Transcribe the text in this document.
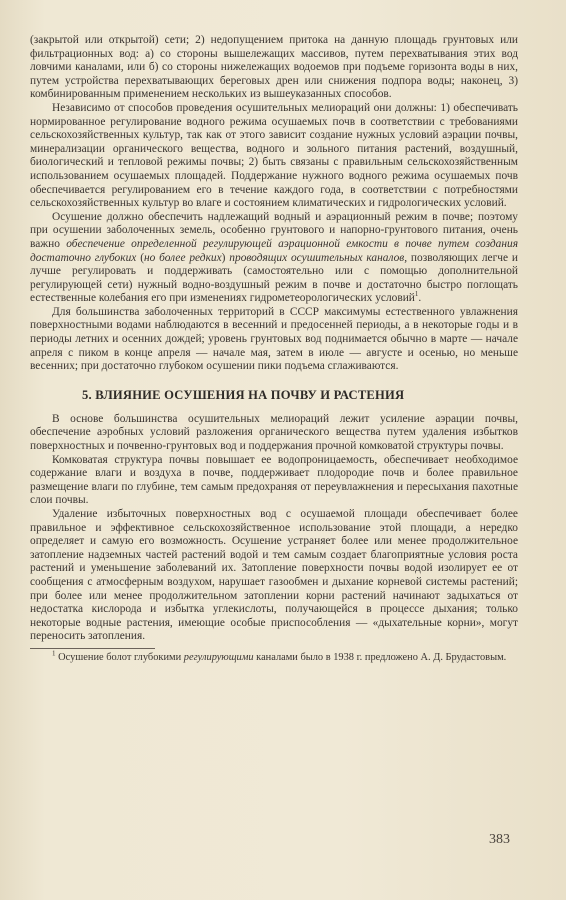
(закрытой или открытой) сети; 2) недопущением притока на данную площадь грунтовых или фильтрационных вод: а) со стороны вышележащих массивов, путем перехватывания этих вод ловчими каналами, или б) со стороны нижележащих водоемов при подъеме горизонта воды в них, путем устройства перехватывающих береговых дрен или снижения подпора воды; наконец, 3) комбинированным применением нескольких из вышеуказанных способов.

Независимо от способов проведения осушительных мелиораций они должны: 1) обеспечивать нормированное регулирование водного режима осушаемых почв в соответствии с требованиями сельскохозяйственных культур, так как от этого зависит создание нужных условий аэрации почвы, минерализации органического вещества, водного и зольного питания растений, воздушный, биологический и тепловой режимы почвы; 2) быть связаны с правильным сельскохозяйственным использованием осушаемых площадей. Поддержание нужного водного режима осушаемых почв обеспечивается регулированием его в течение каждого года, в соответствии с потребностями сельскохозяйственных культур во влаге и состоянием климатических и гидрологических условий.

Осушение должно обеспечить надлежащий водный и аэрационный режим в почве; поэтому при осушении заболоченных земель, особенно грунтового и напорно-грунтового питания, очень важно обеспечение определенной регулирующей аэрационной емкости в почве путем создания достаточно глубоких (но более редких) проводящих осушительных каналов, позволяющих легче и лучше регулировать и поддерживать (самостоятельно или с помощью дополнительной регулирующей сети) нужный водно-воздушный режим в почве и достаточно быстро поглощать естественные колебания его при изменениях гидрометеорологических условий$^1$.

Для большинства заболоченных территорий в СССР максимумы естественного увлажнения поверхностными водами наблюдаются в весенний и предосенней периоды, а в некоторые годы и в периоды летних и осенних дождей; уровень грунтовых вод поднимается обычно в марте — начале апреля с пиком в конце апреля — начале мая, затем в июле — августе и осенью, но меньше весенних; при достаточно глубоком осушении пики подъема сглаживаются.

5. ВЛИЯНИЕ ОСУШЕНИЯ НА ПОЧВУ И РАСТЕНИЯ

В основе большинства осушительных мелиораций лежит усиление аэрации почвы, обеспечение аэробных условий разложения органического вещества путем удаления избытков поверхностных и почвенно-грунтовых вод и поддержания прочной комковатой структуры почвы.

Комковатая структура почвы повышает ее водопроницаемость, обеспечивает необходимое содержание влаги и воздуха в почве, поддерживает плодородие почв и более правильное размещение влаги по глубине, тем самым предохраняя от переувлажнения и пересыхания пахотные слои почвы.

Удаление избыточных поверхностных вод с осушаемой площади обеспечивает более правильное и эффективное сельскохозяйственное использование этой площади, а нередко определяет и самую его возможность. Осушение устраняет более или менее продолжительное затопление надземных частей растений водой и тем самым создает благоприятные условия роста растений и уменьшение заболеваний их. Затопление поверхности почвы водой изолирует ее от сообщения с атмосферным воздухом, нарушает газообмен и дыхание корневой системы растений; при более или менее продолжительном затоплении корни растений начинают задыхаться от недостатка кислорода и избытка углекислоты, получающейся в процессе дыхания; только некоторые водные растения, имеющие особые приспособления — «дыхательные корни», могут переносить затопления.

$^1$ Осушение болот глубокими регулирующими каналами было в 1938 г. предложено А. Д. Брудастовым.

383
